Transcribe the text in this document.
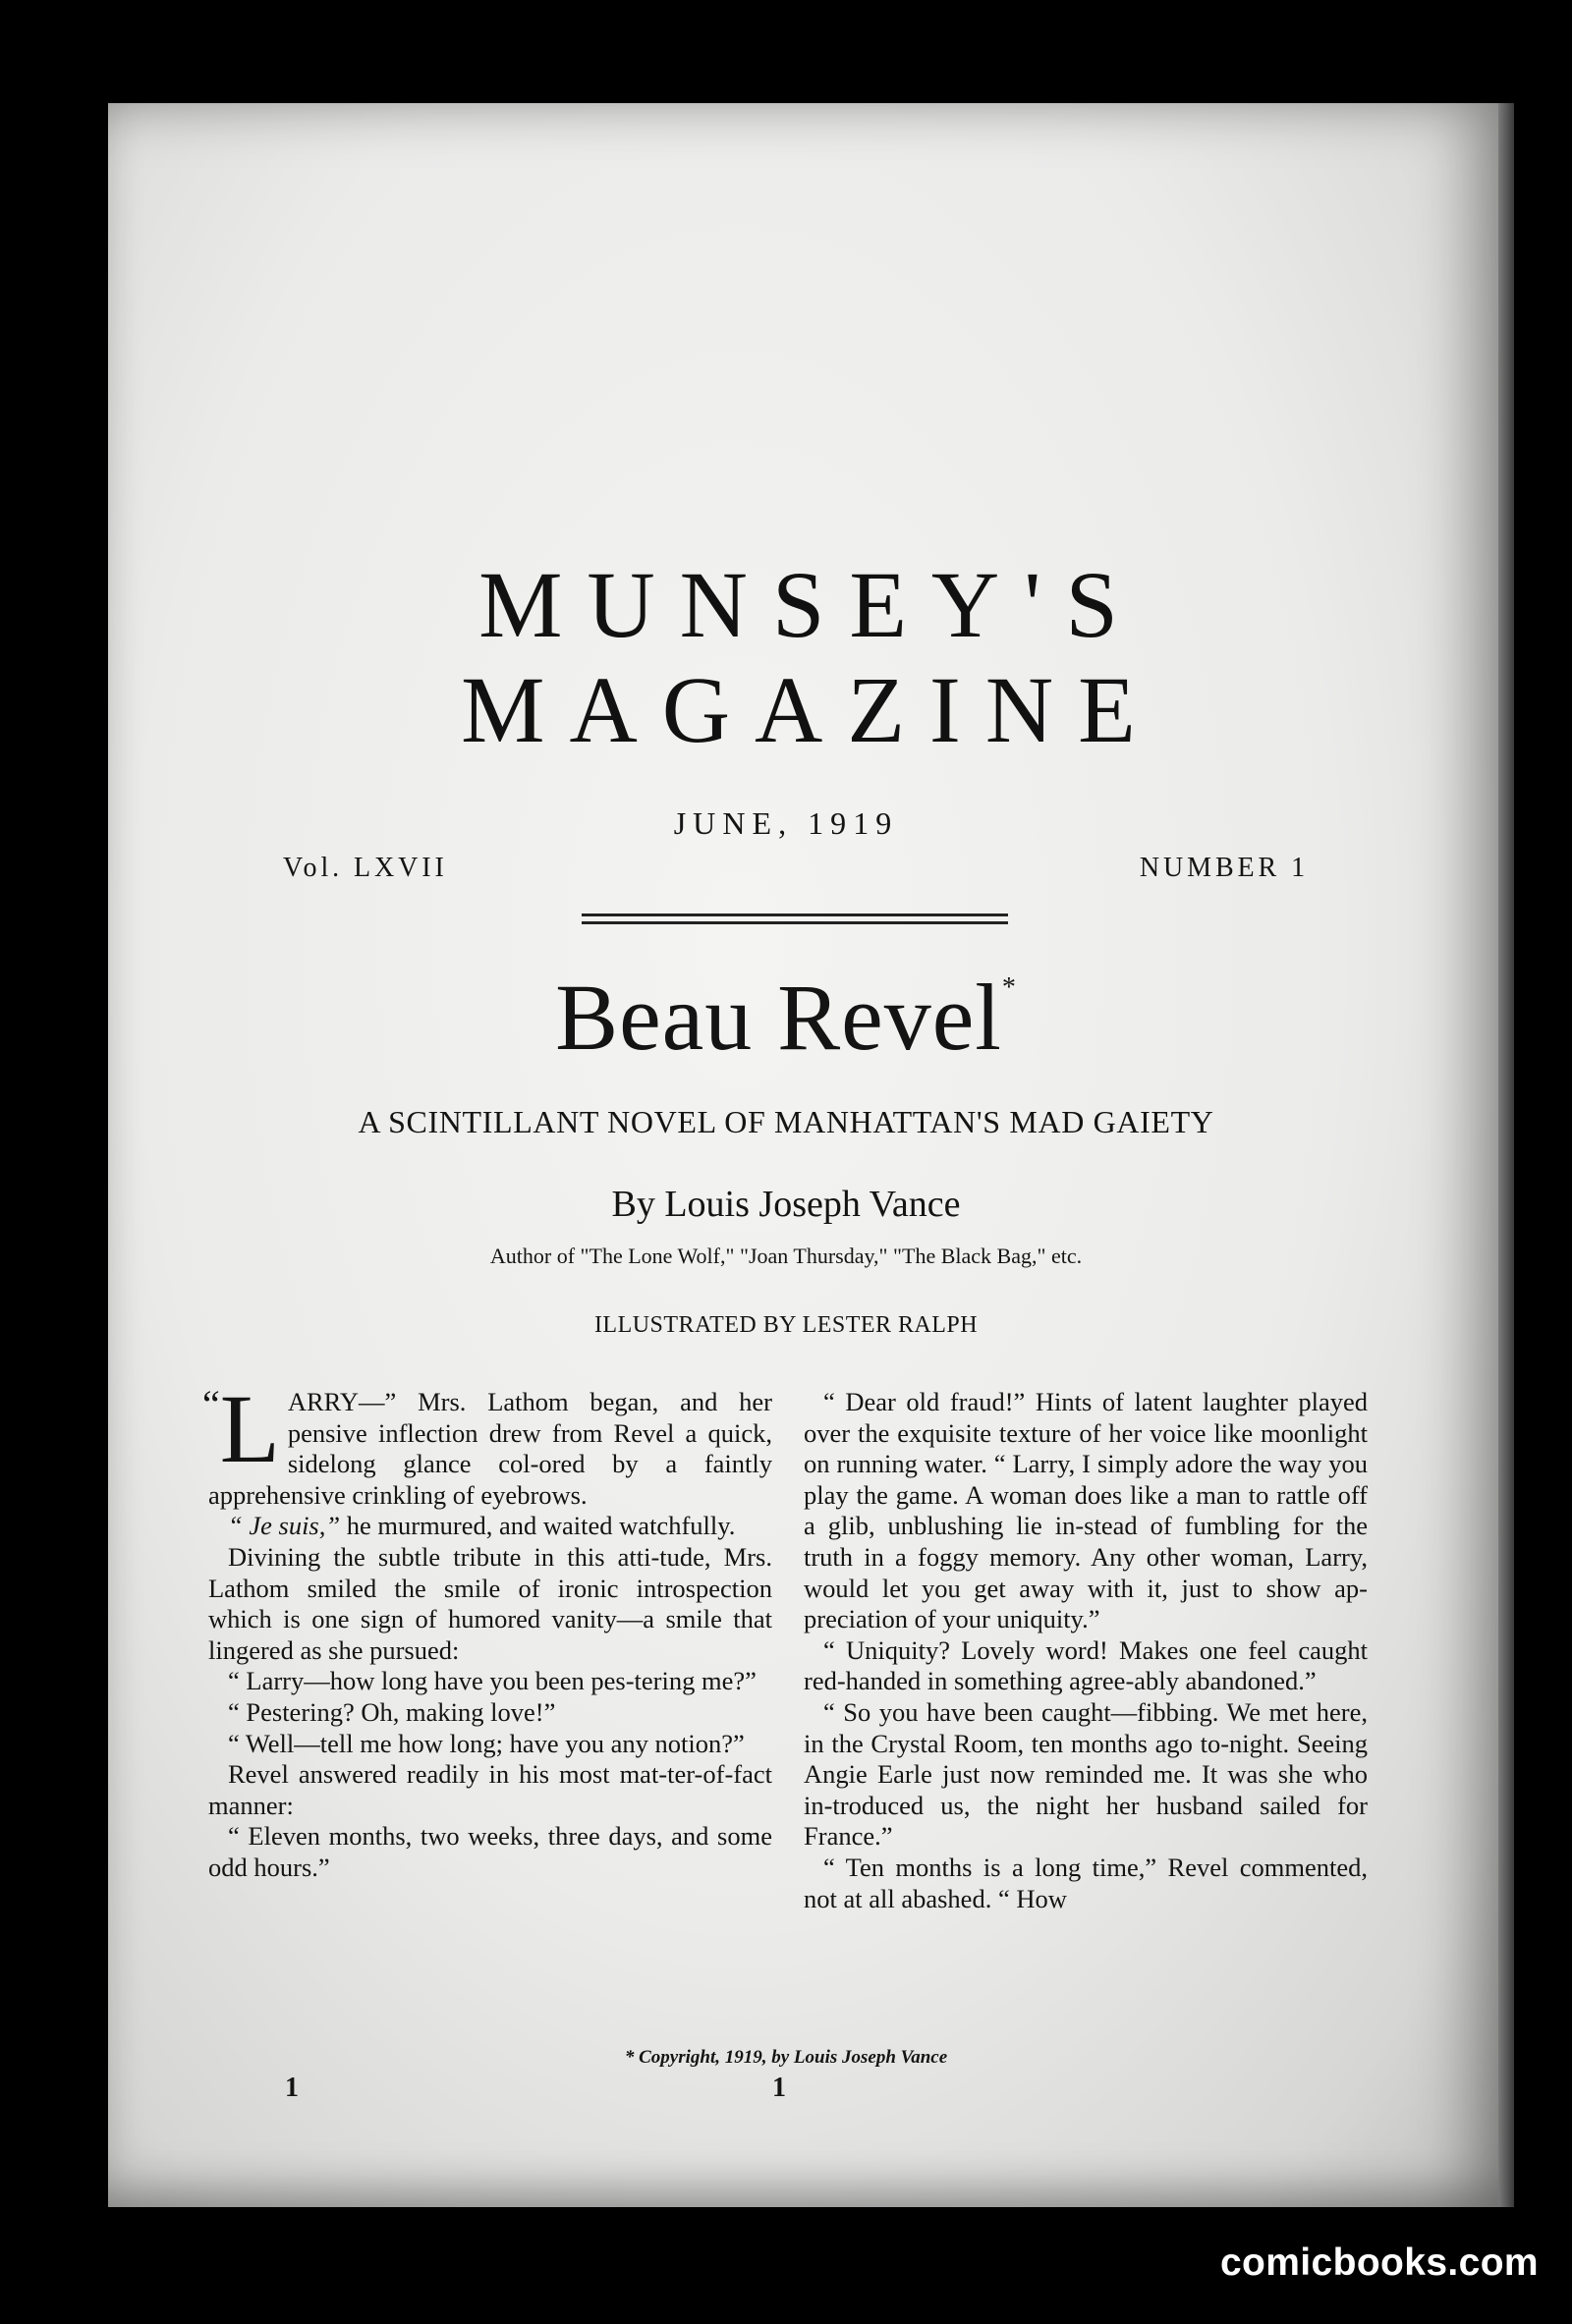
MUNSEY'S
MAGAZINE
JUNE, 1919
Vol. LXVII	NUMBER 1
Beau Revel*
A SCINTILLANT NOVEL OF MANHATTAN'S MAD GAIETY
By Louis Joseph Vance
Author of "The Lone Wolf," "Joan Thursday," "The Black Bag," etc.
ILLUSTRATED BY LESTER RALPH

“L ARRY—” Mrs. Lathom began, and her pensive inflection drew from Revel a quick, sidelong glance col-ored by a faintly apprehensive crinkling of eyebrows.

“ Je suis,” he murmured, and waited watchfully.

Divining the subtle tribute in this atti-tude, Mrs. Lathom smiled the smile of ironic introspection which is one sign of humored vanity—a smile that lingered as she pursued:

“ Larry—how long have you been pes-tering me?”

“ Pestering? Oh, making love!”

“ Well—tell me how long; have you any notion?”

Revel answered readily in his most mat-ter-of-fact manner:

“ Eleven months, two weeks, three days, and some odd hours.”

“ Dear old fraud!” Hints of latent laughter played over the exquisite texture of her voice like moonlight on running water. “ Larry, I simply adore the way you play the game. A woman does like a man to rattle off a glib, unblushing lie in-stead of fumbling for the truth in a foggy memory. Any other woman, Larry, would let you get away with it, just to show ap-preciation of your uniquity.”

“ Uniquity? Lovely word! Makes one feel caught red-handed in something agree-ably abandoned.”

“ So you have been caught—fibbing. We met here, in the Crystal Room, ten months ago to-night. Seeing Angie Earle just now reminded me. It was she who in-troduced us, the night her husband sailed for France.”

“ Ten months is a long time,” Revel commented, not at all abashed. “ How

* Copyright, 1919, by Louis Joseph Vance
1	1
comicbooks.com
